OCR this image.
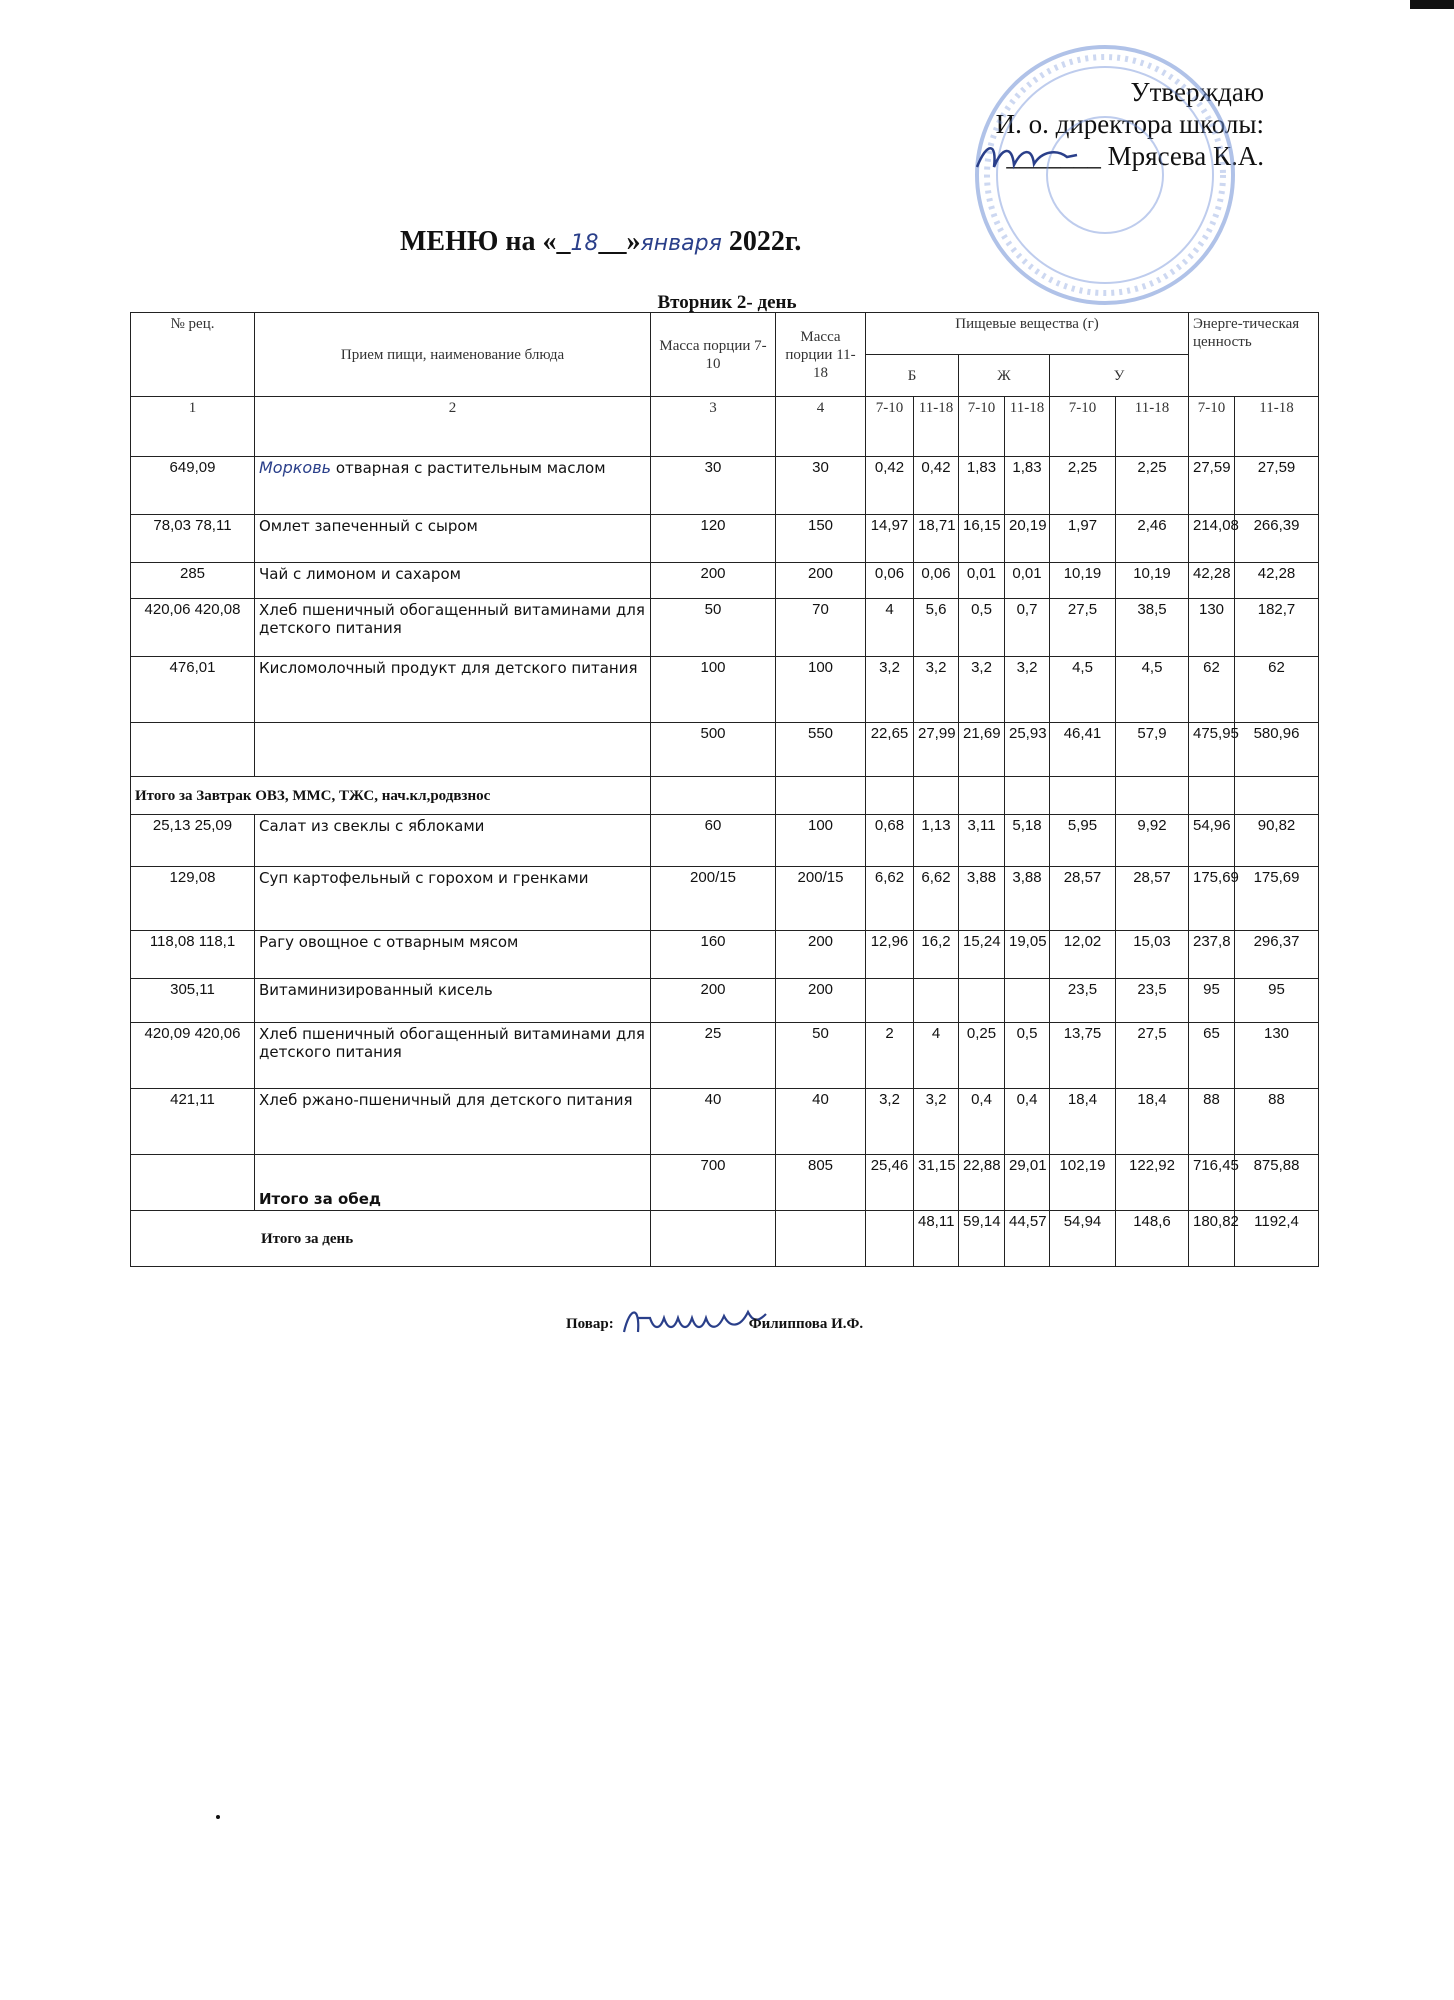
Утверждаю
И. о. директора школы:
_______ Мрясева К.А.
МЕНЮ на «_18__»января 2022г.
Вторник 2- день
№ рец.	Прием пищи, наименование блюда	Масса порции 7-10	Масса порции 11-18	Пищевые вещества (г)						Энерге-тическая ценность	
				Б		Ж		У			
1	2	3	4	7-10	11-18	7-10	11-18	7-10	11-18	7-10	11-18
649,09	Морковь отварная с растительным маслом	30	30	0,42	0,42	1,83	1,83	2,25	2,25	27,59	27,59
78,03 78,11	Омлет запеченный с сыром	120	150	14,97	18,71	16,15	20,19	1,97	2,46	214,08	266,39
285	Чай с лимоном и сахаром	200	200	0,06	0,06	0,01	0,01	10,19	10,19	42,28	42,28
420,06 420,08	Хлеб пшеничный обогащенный витаминами для детского питания	50	70	4	5,6	0,5	0,7	27,5	38,5	130	182,7
476,01	Кисломолочный продукт для детского питания	100	100	3,2	3,2	3,2	3,2	4,5	4,5	62	62
		500	550	22,65	27,99	21,69	25,93	46,41	57,9	475,95	580,96
Итого за Завтрак ОВЗ, ММС, ТЖС, нач.кл,родвзнос											
25,13 25,09	Салат из свеклы с яблоками	60	100	0,68	1,13	3,11	5,18	5,95	9,92	54,96	90,82
129,08	Суп картофельный с горохом и гренками	200/15	200/15	6,62	6,62	3,88	3,88	28,57	28,57	175,69	175,69
118,08 118,1	Рагу овощное с отварным мясом	160	200	12,96	16,2	15,24	19,05	12,02	15,03	237,8	296,37
305,11	Витаминизированный кисель	200	200					23,5	23,5	95	95
420,09 420,06	Хлеб пшеничный обогащенный витаминами для детского питания	25	50	2	4	0,25	0,5	13,75	27,5	65	130
421,11	Хлеб ржано-пшеничный для детского питания	40	40	3,2	3,2	0,4	0,4	18,4	18,4	88	88
	Итого за обед	700	805	25,46	31,15	22,88	29,01	102,19	122,92	716,45	875,88
Итого за день					48,11	59,14	44,57	54,94	148,6	180,82	1192,4
Повар:	Филиппова И.Ф.
